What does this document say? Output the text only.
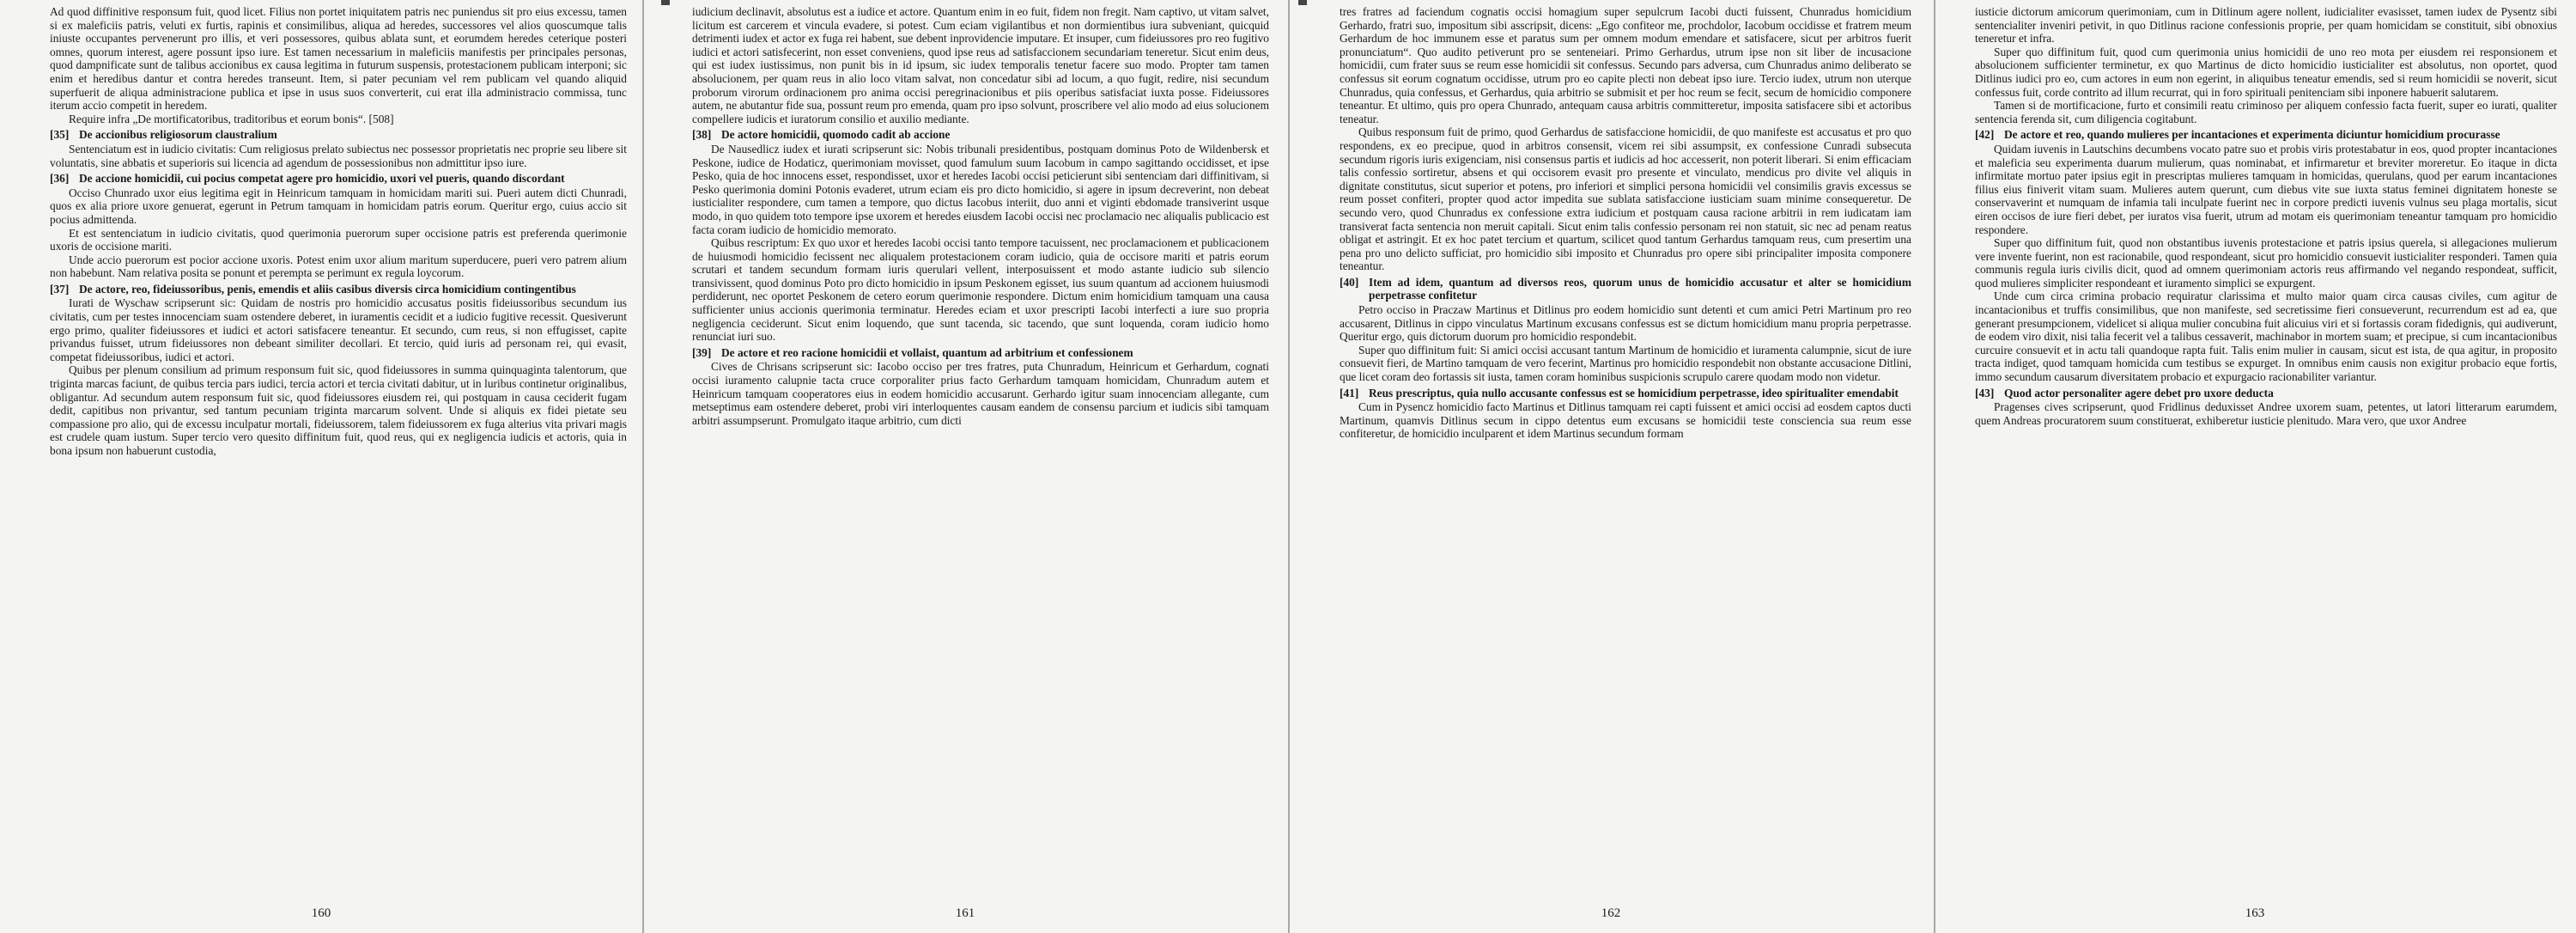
Ad quod diffinitive responsum fuit, quod licet. Filius non portet iniquitatem patris nec puniendus sit pro eius excessu, tamen si ex maleficiis patris, veluti ex furtis, rapinis et consimilibus, aliqua ad heredes, successores vel alios quoscumque talis iniuste occupantes pervenerunt pro illis, et veri possessores, quibus ablata sunt, et eorumdem heredes ceterique posteri omnes, quorum interest, agere possunt ipso iure. Est tamen necessarium in maleficiis manifestis per principales personas, quod dampnificate sunt de talibus accionibus ex causa legitima in futurum suspensis, protestacionem publicam interponi; sic enim et heredibus dantur et contra heredes transeunt. Item, si pater pecuniam vel rem publicam vel quando aliquid superfuerit de aliqua administracione publica et ipse in usus suos converterit, cui erat illa administracio commissa, tunc iterum accio competit in heredem.

Require infra „De mortificatoribus, traditoribus et eorum bonis“. [508]

[35] De accionibus religiosorum claustralium

Sentenciatum est in iudicio civitatis: Cum religiosus prelato subiectus nec possessor proprietatis nec proprie seu libere sit voluntatis, sine abbatis et superioris sui licencia ad agendum de possessionibus non admittitur ipso iure.

[36] De accione homicidii, cui pocius competat agere pro homicidio, uxori vel pueris, quando discordant

Occiso Chunrado uxor eius legitima egit in Heinricum tamquam in homicidam mariti sui. Pueri autem dicti Chunradi, quos ex alia priore uxore genuerat, egerunt in Petrum tamquam in homicidam patris eorum. Queritur ergo, cuius accio sit pocius admittenda.

Et est sentenciatum in iudicio civitatis, quod querimonia puerorum super occisione patris est preferenda querimonie uxoris de occisione mariti.

Unde accio puerorum est pocior accione uxoris. Potest enim uxor alium maritum superducere, pueri vero patrem alium non habebunt. Nam relativa posita se ponunt et perempta se perimunt ex regula loycorum.

[37] De actore, reo, fideiussoribus, penis, emendis et aliis casibus diversis circa homicidium contingentibus

Iurati de Wyschaw scripserunt sic: Quidam de nostris pro homicidio accusatus positis fideiussoribus secundum ius civitatis, cum per testes innocenciam suam ostendere deberet, in iuramentis cecidit et a iudicio fugitive recessit. Quesiverunt ergo primo, qualiter fideiussores et iudici et actori satisfacere teneantur. Et secundo, cum reus, si non effugisset, capite privandus fuisset, utrum fideiussores non debeant similiter decollari. Et tercio, quid iuris ad personam rei, qui evasit, competat fideiussoribus, iudici et actori.

Quibus per plenum consilium ad primum responsum fuit sic, quod fideiussores in summa quinquaginta talentorum, que triginta marcas faciunt, de quibus tercia pars iudici, tercia actori et tercia civitati dabitur, ut in luribus continetur originalibus, obligantur. Ad secundum autem responsum fuit sic, quod fideiussores eiusdem rei, qui postquam in causa ceciderit fugam dedit, capitibus non privantur, sed tantum pecuniam triginta marcarum solvent. Unde si aliquis ex fidei pietate seu compassione pro alio, qui de excessu inculpatur mortali, fideiussorem, talem fideiussorem ex fuga alterius vita privari magis est crudele quam iustum. Super tercio vero quesito diffinitum fuit, quod reus, qui ex negligencia iudicis et actoris, quia in bona ipsum non habuerunt custodia,

160

iudicium declinavit, absolutus est a iudice et actore. Quantum enim in eo fuit, fidem non fregit. Nam captivo, ut vitam salvet, licitum est carcerem et vincula evadere, si potest. Cum eciam vigilantibus et non dormientibus iura subveniant, quicquid detrimenti iudex et actor ex fuga rei habent, sue debent inprovidencie imputare. Et insuper, cum fideiussores pro reo fugitivo iudici et actori satisfecerint, non esset conveniens, quod ipse reus ad satisfaccionem secundariam teneretur. Sicut enim deus, qui est iudex iustissimus, non punit bis in id ipsum, sic iudex temporalis tenetur facere suo modo. Propter tam tamen absolucionem, per quam reus in alio loco vitam salvat, non concedatur sibi ad locum, a quo fugit, redire, nisi secundum proborum virorum ordinacionem pro anima occisi peregrinacionibus et piis operibus satisfaciat iuxta posse. Fideiussores autem, ne abutantur fide sua, possunt reum pro emenda, quam pro ipso solvunt, proscribere vel alio modo ad eius solucionem compellere iudicis et iuratorum consilio et auxilio mediante.

[38] De actore homicidii, quomodo cadit ab accione

De Nausedlicz iudex et iurati scripserunt sic: Nobis tribunali presidentibus, postquam dominus Poto de Wildenbersk et Peskone, iudice de Hodaticz, querimoniam movisset, quod famulum suum Iacobum in campo sagittando occidisset, et ipse Pesko, quia de hoc innocens esset, respondisset, uxor et heredes Iacobi occisi peticierunt sibi sentenciam dari diffinitivam, si Pesko querimonia domini Potonis evaderet, utrum eciam eis pro dicto homicidio, si agere in ipsum decreverint, non debeat iusticialiter respondere, cum tamen a tempore, quo dictus Iacobus interiit, duo anni et viginti ebdomade transiverint usque modo, in quo quidem toto tempore ipse uxorem et heredes eiusdem Iacobi occisi nec proclamacio nec aliqualis publicacio est facta coram iudicio de homicidio memorato.

Quibus rescriptum: Ex quo uxor et heredes Iacobi occisi tanto tempore tacuissent, nec proclamacionem et publicacionem de huiusmodi homicidio fecissent nec aliqualem protestacionem coram iudicio, quia de occisore mariti et patris eorum scrutari et tandem secundum formam iuris querulari vellent, interposuissent et modo astante iudicio sub silencio transivissent, quod dominus Poto pro dicto homicidio in ipsum Peskonem egisset, ius suum quantum ad accionem huiusmodi perdiderunt, nec oportet Peskonem de cetero eorum querimonie respondere. Dictum enim homicidium tamquam una causa sufficienter unius accionis querimonia terminatur. Heredes eciam et uxor prescripti Iacobi interfecti a iure suo propria negligencia ceciderunt. Sicut enim loquendo, que sunt tacenda, sic tacendo, que sunt loquenda, coram iudicio homo renunciat iuri suo.

[39] De actore et reo racione homicidii et vollaist, quantum ad arbitrium et confessionem

Cives de Chrisans scripserunt sic: Iacobo occiso per tres fratres, puta Chunradum, Heinricum et Gerhardum, cognati occisi iuramento calupnie tacta cruce corporaliter prius facto Gerhardum tamquam homicidam, Chunradum autem et Heinricum tamquam cooperatores eius in eodem homicidio accusarunt. Gerhardo igitur suam innocenciam allegante, cum metseptimus eam ostendere deberet, probi viri interloquentes causam eandem de consensu parcium et iudicis sibi tamquam arbitri assumpserunt. Promulgato itaque arbitrio, cum dicti

161

tres fratres ad faciendum cognatis occisi homagium super sepulcrum Iacobi ducti fuissent, Chunradus homicidium Gerhardo, fratri suo, impositum sibi asscripsit, dicens: „Ego confiteor me, prochdolor, Iacobum occidisse et fratrem meum Gerhardum de hoc immunem esse et paratus sum per omnem modum emendare et satisfacere, sicut per arbitros fuerit pronunciatum“. Quo audito petiverunt pro se senteneiari. Primo Gerhardus, utrum ipse non sit liber de incusacione homicidii, cum frater suus se reum esse homicidii sit confessus. Secundo pars adversa, cum Chunradus animo deliberato se confessus sit eorum cognatum occidisse, utrum pro eo capite plecti non debeat ipso iure. Tercio iudex, utrum non uterque Chunradus, quia confessus, et Gerhardus, quia arbitrio se submisit et per hoc reum se fecit, secum de homicidio componere teneantur. Et ultimo, quis pro opera Chunrado, antequam causa arbitris committeretur, imposita satisfacere sibi et actoribus teneatur.

Quibus responsum fuit de primo, quod Gerhardus de satisfaccione homicidii, de quo manifeste est accusatus et pro quo respondens, ex eo precipue, quod in arbitros consensit, vicem rei sibi assumpsit, ex confessione Cunradi subsecuta secundum rigoris iuris exigenciam, nisi consensus partis et iudicis ad hoc accesserit, non poterit liberari. Si enim efficaciam talis confessio sortiretur, absens et qui occisorem evasit pro presente et vinculato, mendicus pro divite vel aliquis in dignitate constitutus, sicut superior et potens, pro inferiori et simplici persona homicidii vel consimilis gravis excessus se reum posset confiteri, propter quod actor impedita sue sublata satisfaccione iusticiam suam minime consequeretur. De secundo vero, quod Chunradus ex confessione extra iudicium et postquam causa racione arbitrii in rem iudicatam iam transiverat facta sentencia non meruit capitali. Sicut enim talis confessio personam rei non statuit, sic nec ad penam reatus obligat et astringit. Et ex hoc patet tercium et quartum, scilicet quod tantum Gerhardus tamquam reus, cum presertim una pena pro uno delicto sufficiat, pro homicidio sibi imposito et Chunradus pro opere sibi principaliter imposita componere teneantur.

[40] Item ad idem, quantum ad diversos reos, quorum unus de homicidio accusatur et alter se homicidium perpetrasse confitetur

Petro occiso in Praczaw Martinus et Ditlinus pro eodem homicidio sunt detenti et cum amici Petri Martinum pro reo accusarent, Ditlinus in cippo vinculatus Martinum excusans confessus est se dictum homicidium manu propria perpetrasse. Queritur ergo, quis dictorum duorum pro homicidio respondebit.

Super quo diffinitum fuit: Si amici occisi accusant tantum Martinum de homicidio et iuramenta calumpnie, sicut de iure consuevit fieri, de Martino tamquam de vero fecerint, Martinus pro homicidio respondebit non obstante accusacione Ditlini, que licet coram deo fortassis sit iusta, tamen coram hominibus suspicionis scrupulo carere quodam modo non videtur.

[41] Reus prescriptus, quia nullo accusante confessus est se homicidium perpetrasse, ideo spiritualiter emendabit

Cum in Pysencz homicidio facto Martinus et Ditlinus tamquam rei capti fuissent et amici occisi ad eosdem captos ducti Martinum, quamvis Ditlinus secum in cippo detentus eum excusans se homicidii teste consciencia sua reum esse confiteretur, de homicidio inculparent et idem Martinus secundum formam

162

iusticie dictorum amicorum querimoniam, cum in Ditlinum agere nollent, iudicialiter evasisset, tamen iudex de Pysentz sibi sentencialiter inveniri petivit, in quo Ditlinus racione confessionis proprie, per quam homicidam se constituit, sibi obnoxius teneretur et infra.

Super quo diffinitum fuit, quod cum querimonia unius homicidii de uno reo mota per eiusdem rei responsionem et absolucionem sufficienter terminetur, ex quo Martinus de dicto homicidio iusticialiter est absolutus, non oportet, quod Ditlinus iudici pro eo, cum actores in eum non egerint, in aliquibus teneatur emendis, sed si reum homicidii se noverit, sicut confessus fuit, corde contrito ad illum recurrat, qui in foro spirituali penitenciam sibi inponere habuerit salutarem.

Tamen si de mortificacione, furto et consimili reatu criminoso per aliquem confessio facta fuerit, super eo iurati, qualiter sentencia ferenda sit, cum diligencia cogitabunt.

[42] De actore et reo, quando mulieres per incantaciones et experimenta diciuntur homicidium procurasse

Quidam iuvenis in Lautschins decumbens vocato patre suo et probis viris protestabatur in eos, quod propter incantaciones et maleficia seu experimenta duarum mulierum, quas nominabat, et infirmaretur et breviter moreretur. Eo itaque in dicta infirmitate mortuo pater ipsius egit in prescriptas mulieres tamquam in homicidas, querulans, quod per earum incantaciones filius eius finiverit vitam suam. Mulieres autem querunt, cum diebus vite sue iuxta status feminei dignitatem honeste se conservaverint et numquam de infamia tali inculpate fuerint nec in corpore predicti iuvenis vulnus seu plaga mortalis, sicut eiren occisos de iure fieri debet, per iuratos visa fuerit, utrum ad motam eis querimoniam teneantur tamquam pro homicidio respondere.

Super quo diffinitum fuit, quod non obstantibus iuvenis protestacione et patris ipsius querela, si allegaciones mulierum vere invente fuerint, non est racionabile, quod respondeant, sicut pro homicidio consuevit iusticialiter responderi. Tamen quia communis regula iuris civilis dicit, quod ad omnem querimoniam actoris reus affirmando vel negando respondeat, sufficit, quod mulieres simpliciter respondeant et iuramento simplici se expurgent.

Unde cum circa crimina probacio requiratur clarissima et multo maior quam circa causas civiles, cum agitur de incantacionibus et truffis consimilibus, que non manifeste, sed secretissime fieri consueverunt, recurrendum est ad ea, que generant presumpcionem, videlicet si aliqua mulier concubina fuit alicuius viri et si fortassis coram fidedignis, qui audiverunt, de eodem viro dixit, nisi talia fecerit vel a talibus cessaverit, machinabor in mortem suam; et precipue, si cum incantacionibus curcuire consuevit et in actu tali quandoque rapta fuit. Talis enim mulier in causam, sicut est ista, de qua agitur, in proposito tracta indiget, quod tamquam homicida cum testibus se expurget. In omnibus enim causis non exigitur probacio eque fortis, immo secundum causarum diversitatem probacio et expurgacio racionabiliter variantur.

[43] Quod actor personaliter agere debet pro uxore deducta

Pragenses cives scripserunt, quod Fridlinus deduxisset Andree uxorem suam, petentes, ut latori litterarum earumdem, quem Andreas procuratorem suum constituerat, exhiberetur iusticie plenitudo. Mara vero, que uxor Andree

163
